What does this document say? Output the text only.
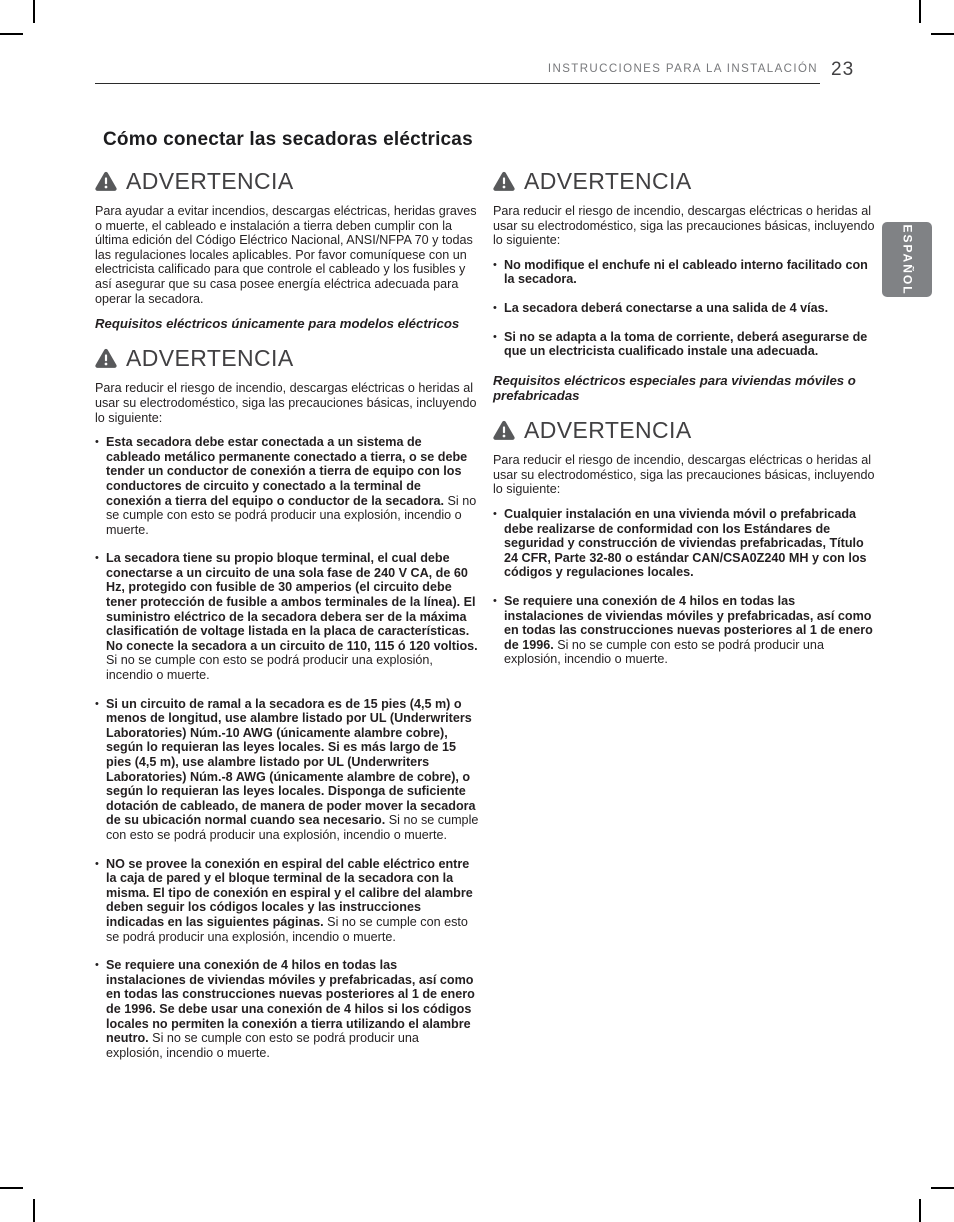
INSTRUCCIONES PARA LA INSTALACIÓN 23
Cómo conectar las secadoras eléctricas
ESPAÑOL
ADVERTENCIA

Para ayudar a evitar incendios, descargas eléctricas, heridas graves o muerte, el cableado e instalación a tierra deben cumplir con la última edición del Código Eléctrico Nacional, ANSI/NFPA 70 y todas las regulaciones locales aplicables. Por favor comuníquese con un electricista calificado para que controle el cableado y los fusibles y así asegurar que su casa posee energía eléctrica adecuada para operar la secadora.

Requisitos eléctricos únicamente para modelos eléctricos
ADVERTENCIA

Para reducir el riesgo de incendio, descargas eléctricas o heridas al usar su electrodoméstico, siga las precauciones básicas, incluyendo lo siguiente:

• Esta secadora debe estar conectada a un sistema de cableado metálico permanente conectado a tierra, o se debe tender un conductor de conexión a tierra de equipo con los conductores de circuito y conectado a la terminal de conexión a tierra del equipo o conductor de la secadora. Si no se cumple con esto se podrá producir una explosión, incendio o muerte.
• La secadora tiene su propio bloque terminal, el cual debe conectarse a un circuito de una sola fase de 240 V CA, de 60 Hz, protegido con fusible de 30 amperios (el circuito debe tener protección de fusible a ambos terminales de la línea). El suministro eléctrico de la secadora debera ser de la máxima clasificatión de voltage listada en la placa de características. No conecte la secadora a un circuito de 110, 115 ó 120 voltios. Si no se cumple con esto se podrá producir una explosión, incendio o muerte.
• Si un circuito de ramal a la secadora es de 15 pies (4,5 m) o menos de longitud, use alambre listado por UL (Underwriters Laboratories) Núm.-10 AWG (únicamente alambre cobre), según lo requieran las leyes locales. Si es más largo de 15 pies (4,5 m), use alambre listado por UL (Underwriters Laboratories) Núm.-8 AWG (únicamente alambre de cobre), o según lo requieran las leyes locales. Disponga de suficiente dotación de cableado, de manera de poder mover la secadora de su ubicación normal cuando sea necesario. Si no se cumple con esto se podrá producir una explosión, incendio o muerte.
• NO se provee la conexión en espiral del cable eléctrico entre la caja de pared y el bloque terminal de la secadora con la misma. El tipo de conexión en espiral y el calibre del alambre deben seguir los códigos locales y las instrucciones indicadas en las siguientes páginas. Si no se cumple con esto se podrá producir una explosión, incendio o muerte.
• Se requiere una conexión de 4 hilos en todas las instalaciones de viviendas móviles y prefabricadas, así como en todas las construcciones nuevas posteriores al 1 de enero de 1996. Se debe usar una conexión de 4 hilos si los códigos locales no permiten la conexión a tierra utilizando el alambre neutro. Si no se cumple con esto se podrá producir una explosión, incendio o muerte.
ADVERTENCIA

Para reducir el riesgo de incendio, descargas eléctricas o heridas al usar su electrodoméstico, siga las precauciones básicas, incluyendo lo siguiente:

• No modifique el enchufe ni el cableado interno facilitado con la secadora.
• La secadora deberá conectarse a una salida de 4 vías.
• Si no se adapta a la toma de corriente, deberá asegurarse de que un electricista cualificado instale una adecuada.
Requisitos eléctricos especiales para viviendas móviles o prefabricadas
ADVERTENCIA

Para reducir el riesgo de incendio, descargas eléctricas o heridas al usar su electrodoméstico, siga las precauciones básicas, incluyendo lo siguiente:

• Cualquier instalación en una vivienda móvil o prefabricada debe realizarse de conformidad con los Estándares de seguridad y construcción de viviendas prefabricadas, Título 24 CFR, Parte 32-80 o estándar CAN/CSA0Z240 MH y con los códigos y regulaciones locales.
• Se requiere una conexión de 4 hilos en todas las instalaciones de viviendas móviles y prefabricadas, así como en todas las construcciones nuevas posteriores al 1 de enero de 1996. Si no se cumple con esto se podrá producir una explosión, incendio o muerte.
